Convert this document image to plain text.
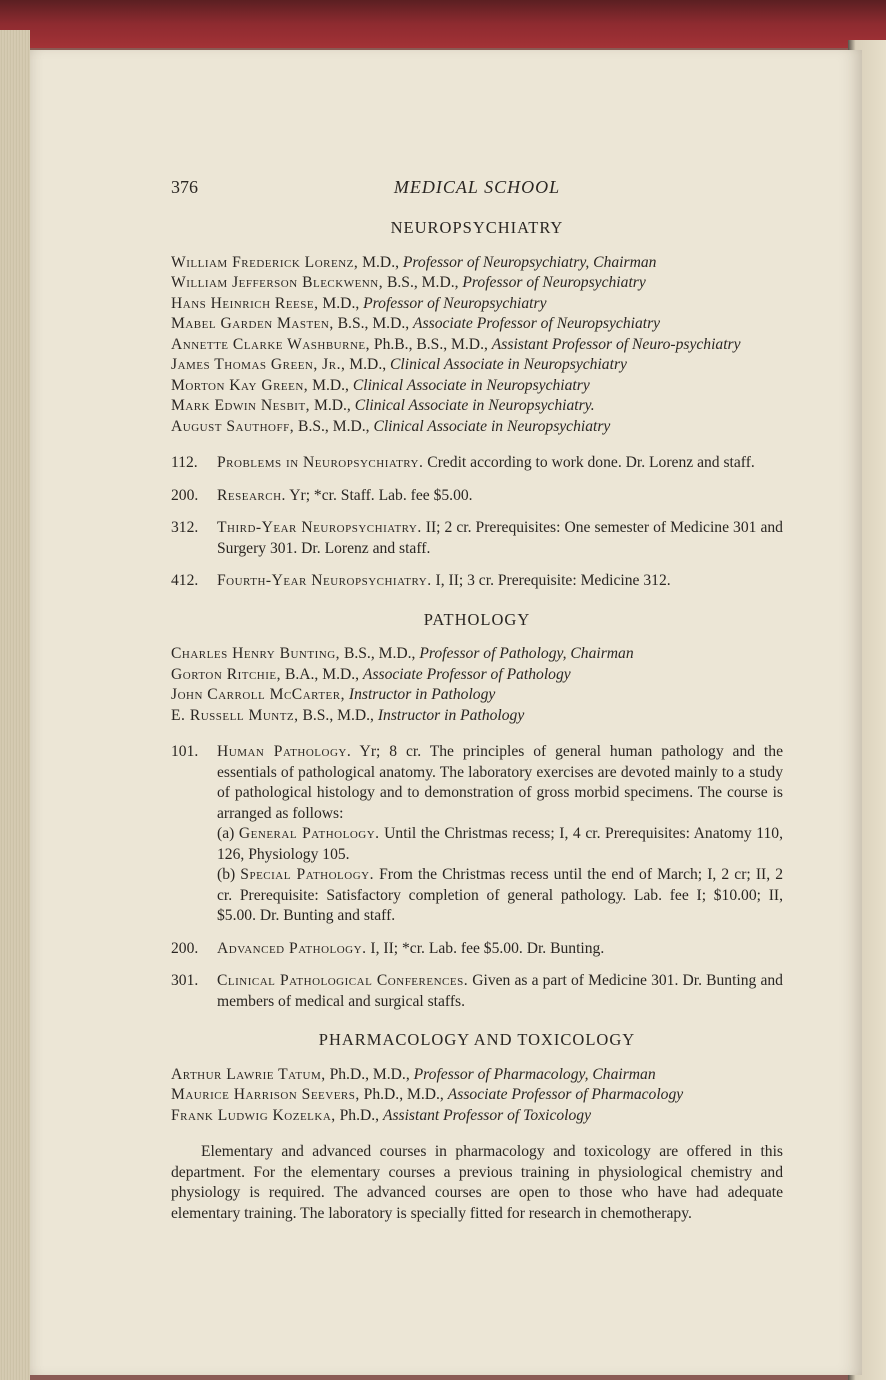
376	MEDICAL SCHOOL
NEUROPSYCHIATRY
William Frederick Lorenz, M.D., Professor of Neuropsychiatry, Chairman
William Jefferson Bleckwenn, B.S., M.D., Professor of Neuropsychiatry
Hans Heinrich Reese, M.D., Professor of Neuropsychiatry
Mabel Garden Masten, B.S., M.D., Associate Professor of Neuropsychiatry
Annette Clarke Washburne, Ph.B., B.S., M.D., Assistant Professor of Neuro-psychiatry
James Thomas Green, Jr., M.D., Clinical Associate in Neuropsychiatry
Morton Kay Green, M.D., Clinical Associate in Neuropsychiatry
Mark Edwin Nesbit, M.D., Clinical Associate in Neuropsychiatry.
August Sauthoff, B.S., M.D., Clinical Associate in Neuropsychiatry
112.	Problems in Neuropsychiatry. Credit according to work done. Dr. Lorenz and staff.
200.	Research. Yr; *cr. Staff. Lab. fee $5.00.
312.	Third-Year Neuropsychiatry. II; 2 cr. Prerequisites: One semester of Medicine 301 and Surgery 301. Dr. Lorenz and staff.
412.	Fourth-Year Neuropsychiatry. I, II; 3 cr. Prerequisite: Medicine 312.
PATHOLOGY
Charles Henry Bunting, B.S., M.D., Professor of Pathology, Chairman
Gorton Ritchie, B.A., M.D., Associate Professor of Pathology
John Carroll McCarter, Instructor in Pathology
E. Russell Muntz, B.S., M.D., Instructor in Pathology
101.	Human Pathology. Yr; 8 cr. The principles of general human pathology and the essentials of pathological anatomy. The laboratory exercises are devoted mainly to a study of pathological histology and to demonstration of gross morbid specimens. The course is arranged as follows:
(a) General Pathology. Until the Christmas recess; I, 4 cr. Prerequisites: Anatomy 110, 126, Physiology 105.
(b) Special Pathology. From the Christmas recess until the end of March; I, 2 cr; II, 2 cr. Prerequisite: Satisfactory completion of general pathology. Lab. fee I; $10.00; II, $5.00. Dr. Bunting and staff.
200.	Advanced Pathology. I, II; *cr. Lab. fee $5.00. Dr. Bunting.
301.	Clinical Pathological Conferences. Given as a part of Medicine 301. Dr. Bunting and members of medical and surgical staffs.
PHARMACOLOGY AND TOXICOLOGY
Arthur Lawrie Tatum, Ph.D., M.D., Professor of Pharmacology, Chairman
Maurice Harrison Seevers, Ph.D., M.D., Associate Professor of Pharmacology
Frank Ludwig Kozelka, Ph.D., Assistant Professor of Toxicology
Elementary and advanced courses in pharmacology and toxicology are offered in this department. For the elementary courses a previous training in physiological chemistry and physiology is required. The advanced courses are open to those who have had adequate elementary training. The laboratory is specially fitted for research in chemotherapy.
